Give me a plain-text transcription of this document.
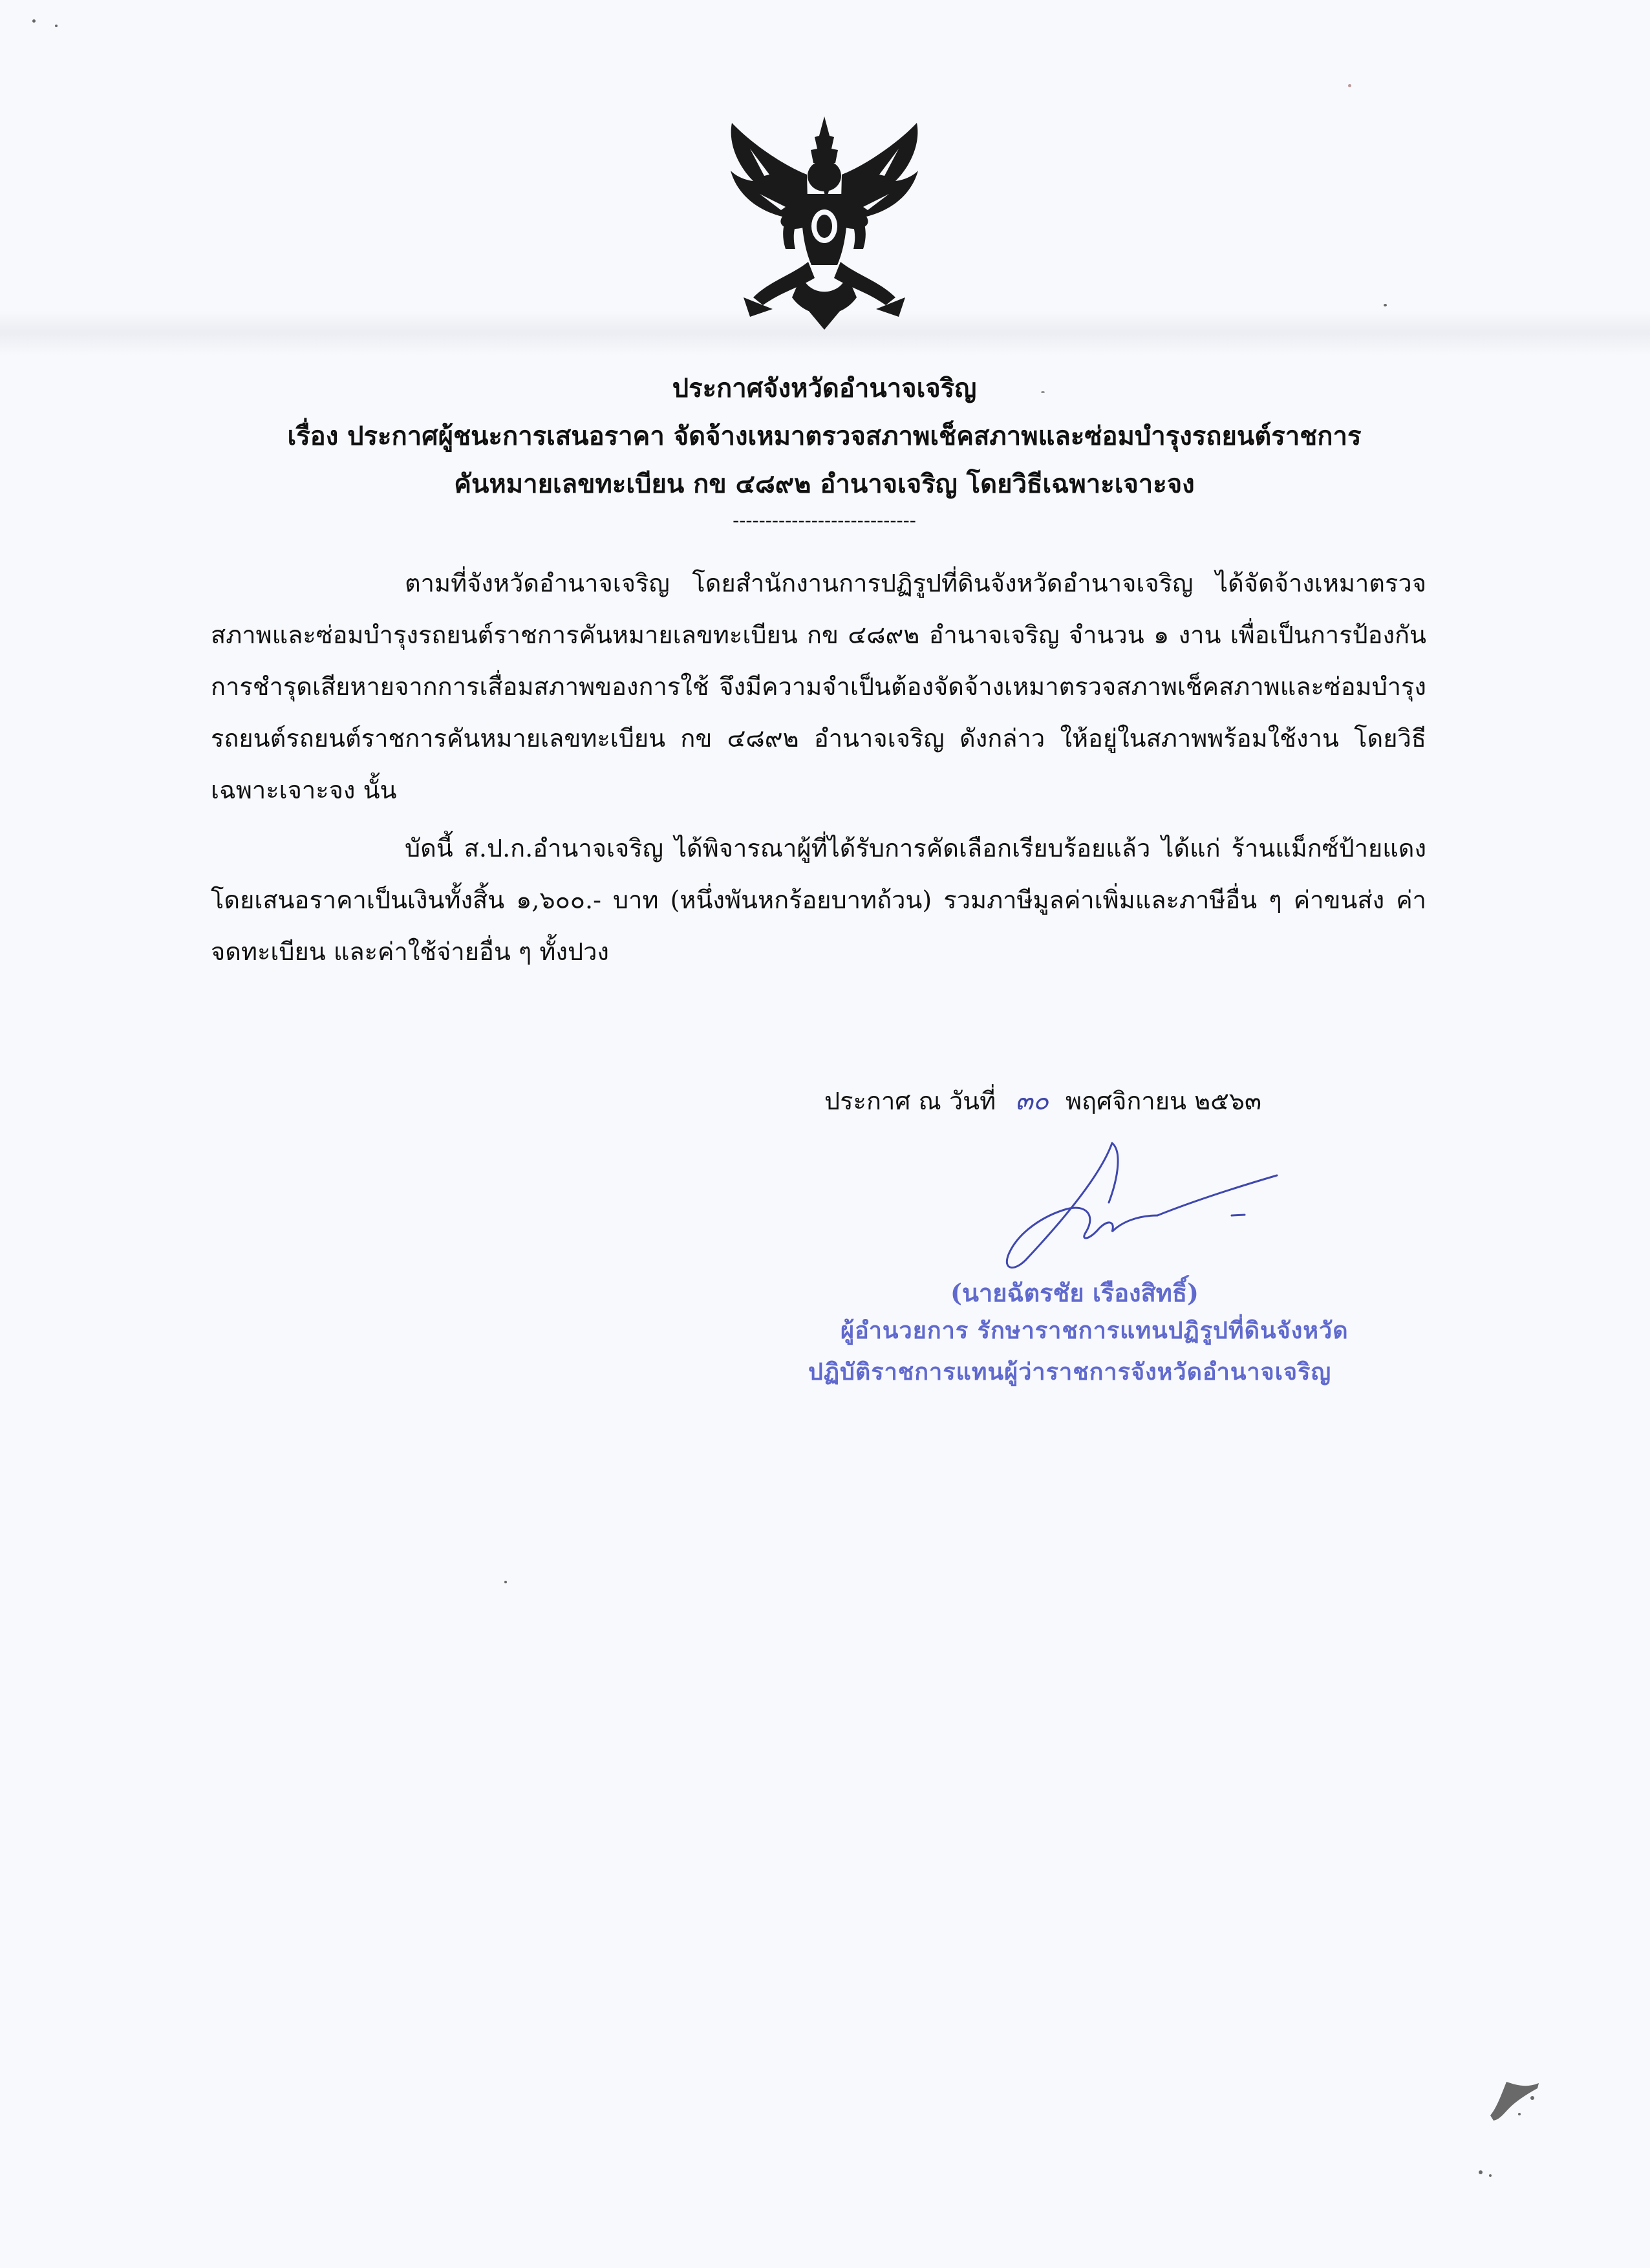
ประกาศจังหวัดอำนาจเจริญ
เรื่อง ประกาศผู้ชนะการเสนอราคา จัดจ้างเหมาตรวจสภาพเช็คสภาพและซ่อมบำรุงรถยนต์ราชการ
คันหมายเลขทะเบียน กข ๔๘๙๒ อำนาจเจริญ โดยวิธีเฉพาะเจาะจง
----------------------------

ตามที่จังหวัดอำนาจเจริญ โดยสำนักงานการปฏิรูปที่ดินจังหวัดอำนาจเจริญ ได้จัดจ้างเหมาตรวจสภาพและซ่อมบำรุงรถยนต์ราชการคันหมายเลขทะเบียน กข ๔๘๙๒ อำนาจเจริญ จำนวน ๑ งาน เพื่อเป็นการป้องกันการชำรุดเสียหายจากการเสื่อมสภาพของการใช้ จึงมีความจำเป็นต้องจัดจ้างเหมาตรวจสภาพเช็คสภาพและซ่อมบำรุงรถยนต์รถยนต์ราชการคันหมายเลขทะเบียน กข ๔๘๙๒ อำนาจเจริญ ดังกล่าว ให้อยู่ในสภาพพร้อมใช้งาน โดยวิธีเฉพาะเจาะจง นั้น

บัดนี้ ส.ป.ก.อำนาจเจริญ ได้พิจารณาผู้ที่ได้รับการคัดเลือกเรียบร้อยแล้ว ได้แก่ ร้านแม็กซ์ป้ายแดง โดยเสนอราคาเป็นเงินทั้งสิ้น ๑,๖๐๐.- บาท (หนึ่งพันหกร้อยบาทถ้วน) รวมภาษีมูลค่าเพิ่มและภาษีอื่น ๆ ค่าขนส่ง ค่าจดทะเบียน และค่าใช้จ่ายอื่น ๆ ทั้งปวง

ประกาศ ณ วันที่ ๓๐ พฤศจิกายน ๒๕๖๓
(นายฉัตรชัย เรืองสิทธิ์)
ผู้อำนวยการ รักษาราชการแทนปฏิรูปที่ดินจังหวัด
ปฏิบัติราชการแทนผู้ว่าราชการจังหวัดอำนาจเจริญ
